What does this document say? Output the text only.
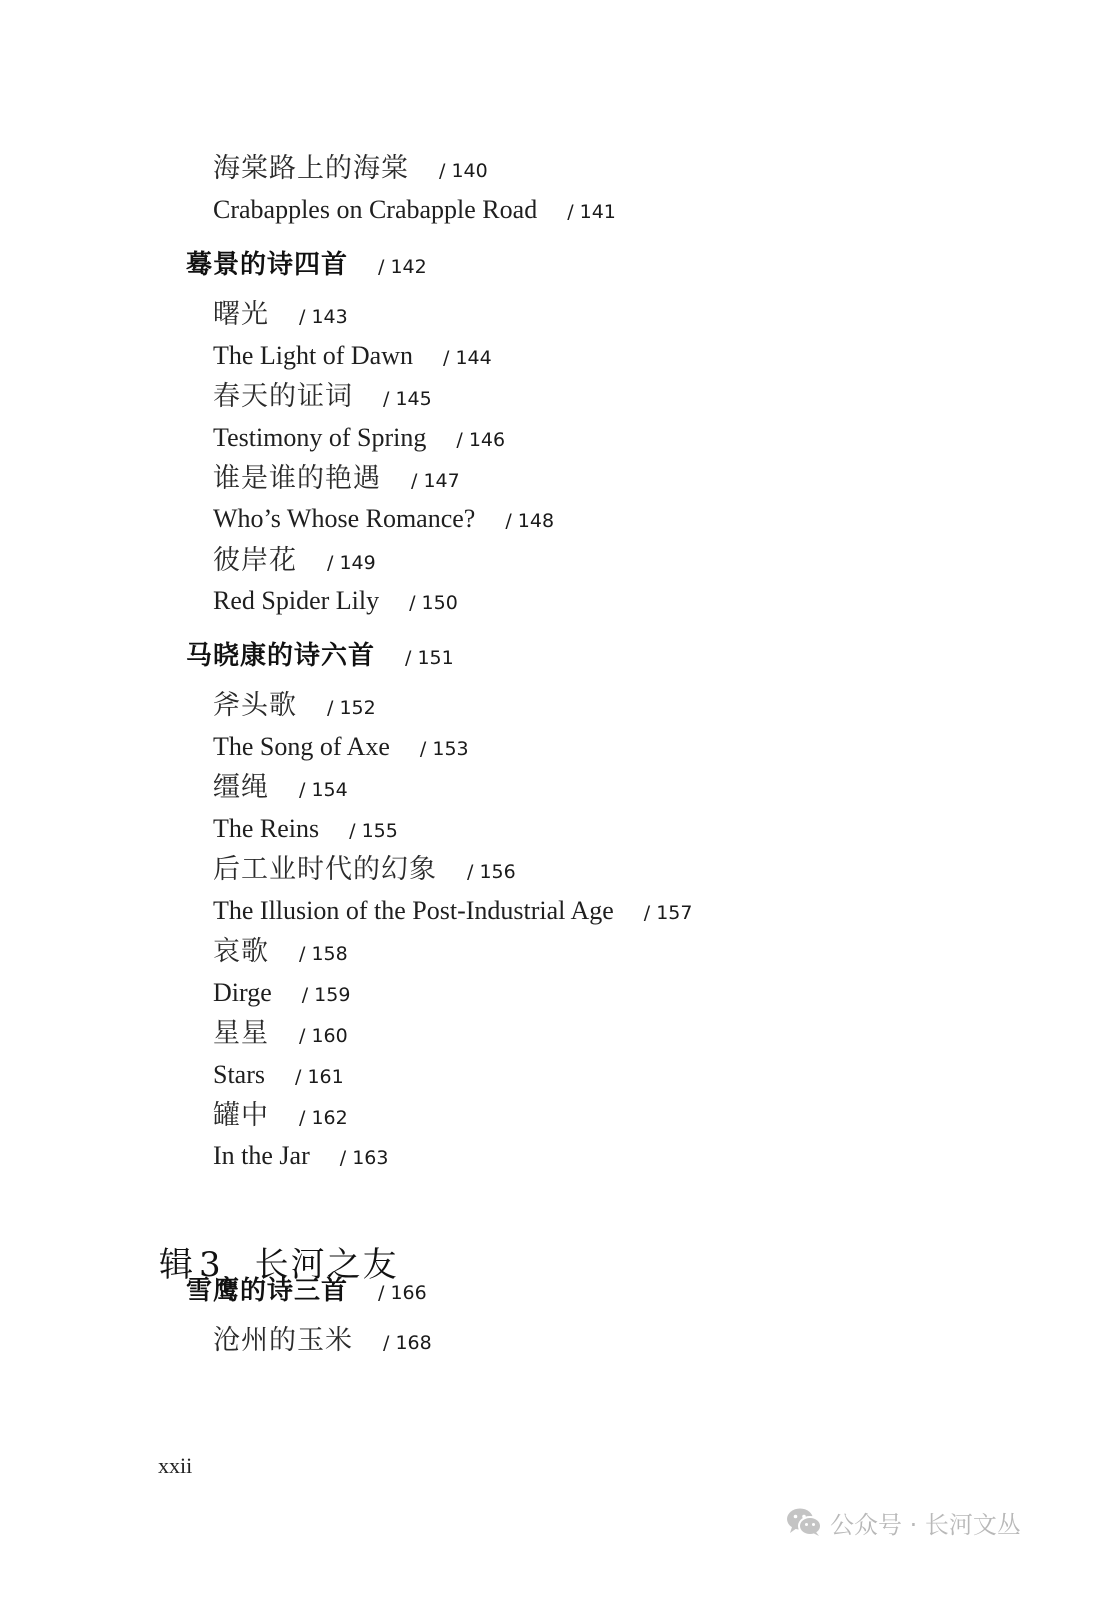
海棠路上的海棠 / 140
Crabapples on Crabapple Road / 141
蓦景的诗四首 / 142
曙光 / 143
The Light of Dawn / 144
春天的证词 / 145
Testimony of Spring / 146
谁是谁的艳遇 / 147
Who’s Whose Romance? / 148
彼岸花 / 149
Red Spider Lily / 150
马晓康的诗六首 / 151
斧头歌 / 152
The Song of Axe / 153
缰绳 / 154
The Reins / 155
后工业时代的幻象 / 156
The Illusion of the Post-Industrial Age / 157
哀歌 / 158
Dirge / 159
星星 / 160
Stars / 161
罐中 / 162
In the Jar / 163
雪鹰的诗三首 / 166
沧州的玉米 / 168
辑 3 长河之友
xxii
公众号 · 长河文丛
